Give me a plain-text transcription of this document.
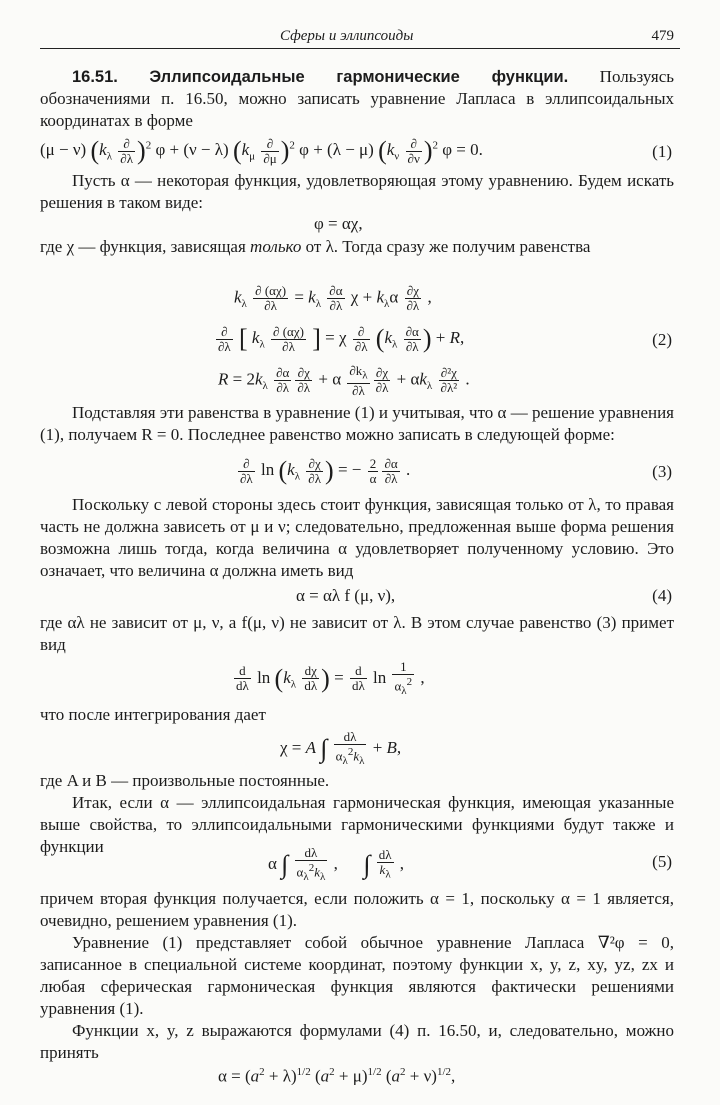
Сферы и эллипсоиды	479

16.51. Эллипсоидальные гармонические функции. Пользуясь обозначениями п. 16.50, можно записать уравнение Лапласа в эллипсоидальных координатах в форме

(μ − ν) ($k_\lambda$
∂
∂λ )$^2$ φ + (ν − λ) ($k_\mu$
∂
∂μ )$^2$ φ + (λ − μ) ($k_\nu$
∂
∂ν )$^2$ φ = 0.	(1)

Пусть α — некоторая функция, удовлетворяющая этому уравнению. Будем искать решения в таком виде:

φ = αχ,

где χ — функция, зависящая только от λ. Тогда сразу же получим равенства

$k_\lambda \frac{\partial (\alpha\chi)}{\partial\lambda} = k_\lambda \frac{\partial\alpha}{\partial\lambda}$ $\chi + k_\lambda\alpha \frac{\partial\chi}{\partial\lambda}$ ,
∂
∂λ [ $k_\lambda \frac{\partial (\alpha\chi)}{\partial\lambda}$ ] = χ ∂
∂λ ($k_\lambda \frac{\partial\alpha}{\partial\lambda}$ ) + R,	(2)
$R = 2k_\lambda \frac{\partial\alpha}{\partial\lambda} \frac{\partial\chi}{\partial\lambda} + \alpha \frac{\partial k_\lambda}{\partial\lambda} \frac{\partial\chi}{\partial\lambda} + \alpha k_\lambda \frac{\text{∂²χ}}{\text{∂λ²}}$ .

Подставляя эти равенства в уравнение (1) и учитывая, что α — решение уравнения (1), получаем R = 0. Последнее равенство можно записать в следующей форме:

∂
∂λ $\ln (k_\lambda \frac{\partial\chi}{\partial\lambda}$ ) = − $\frac{2}{\alpha} \frac{\partial\alpha}{\partial\lambda}$ .	(3)

Поскольку с левой стороны здесь стоит функция, зависящая только от λ, то правая часть не должна зависеть от μ и ν; следовательно, предложенная выше форма решения возможна лишь тогда, когда величина α удовлетворяет полученному условию. Это означает, что величина α должна иметь вид

α = αλ f (μ, ν),	(4)

где αλ не зависит от μ, ν, а f(μ, ν) не зависит от λ. В этом случае равенство (3) примет вид

$\frac{d}{d\lambda}$ $\ln (k_\lambda \frac{d\chi}{d\lambda}$ ) = $\frac{d}{d\lambda}$ $\ln \frac{1}{\alpha_\lambda^2}$ ,

что после интегрирования дает

χ = A ∫ $\frac{d\lambda}{\alpha_\lambda^2k_\lambda} + B$,

где A и B — произвольные постоянные.

Итак, если α — эллипсоидальная гармоническая функция, имеющая указанные выше свойства, то эллипсоидальными гармоническими функциями будут также и функции

α ∫ $\frac{d\lambda}{\alpha_\lambda^2k_\lambda}$ ,      ∫ $\frac{d\lambda}{k_\lambda}$ ,	(5)

причем вторая функция получается, если положить α = 1, поскольку α = 1 является, очевидно, решением уравнения (1).

Уравнение (1) представляет собой обычное уравнение Лапласа ∇²φ = 0, записанное в специальной системе координат, поэтому функции x, y, z, xy, yz, zx и любая сферическая гармоническая функция являются фактически решениями уравнения (1).

Функции x, y, z выражаются формулами (4) п. 16.50, и, следовательно, можно принять

$\alpha = (a^2 + \lambda)^{1/2}$ $(a^2 + \mu)^{1/2}$ $(a^2 + \nu)^{1/2}$,
